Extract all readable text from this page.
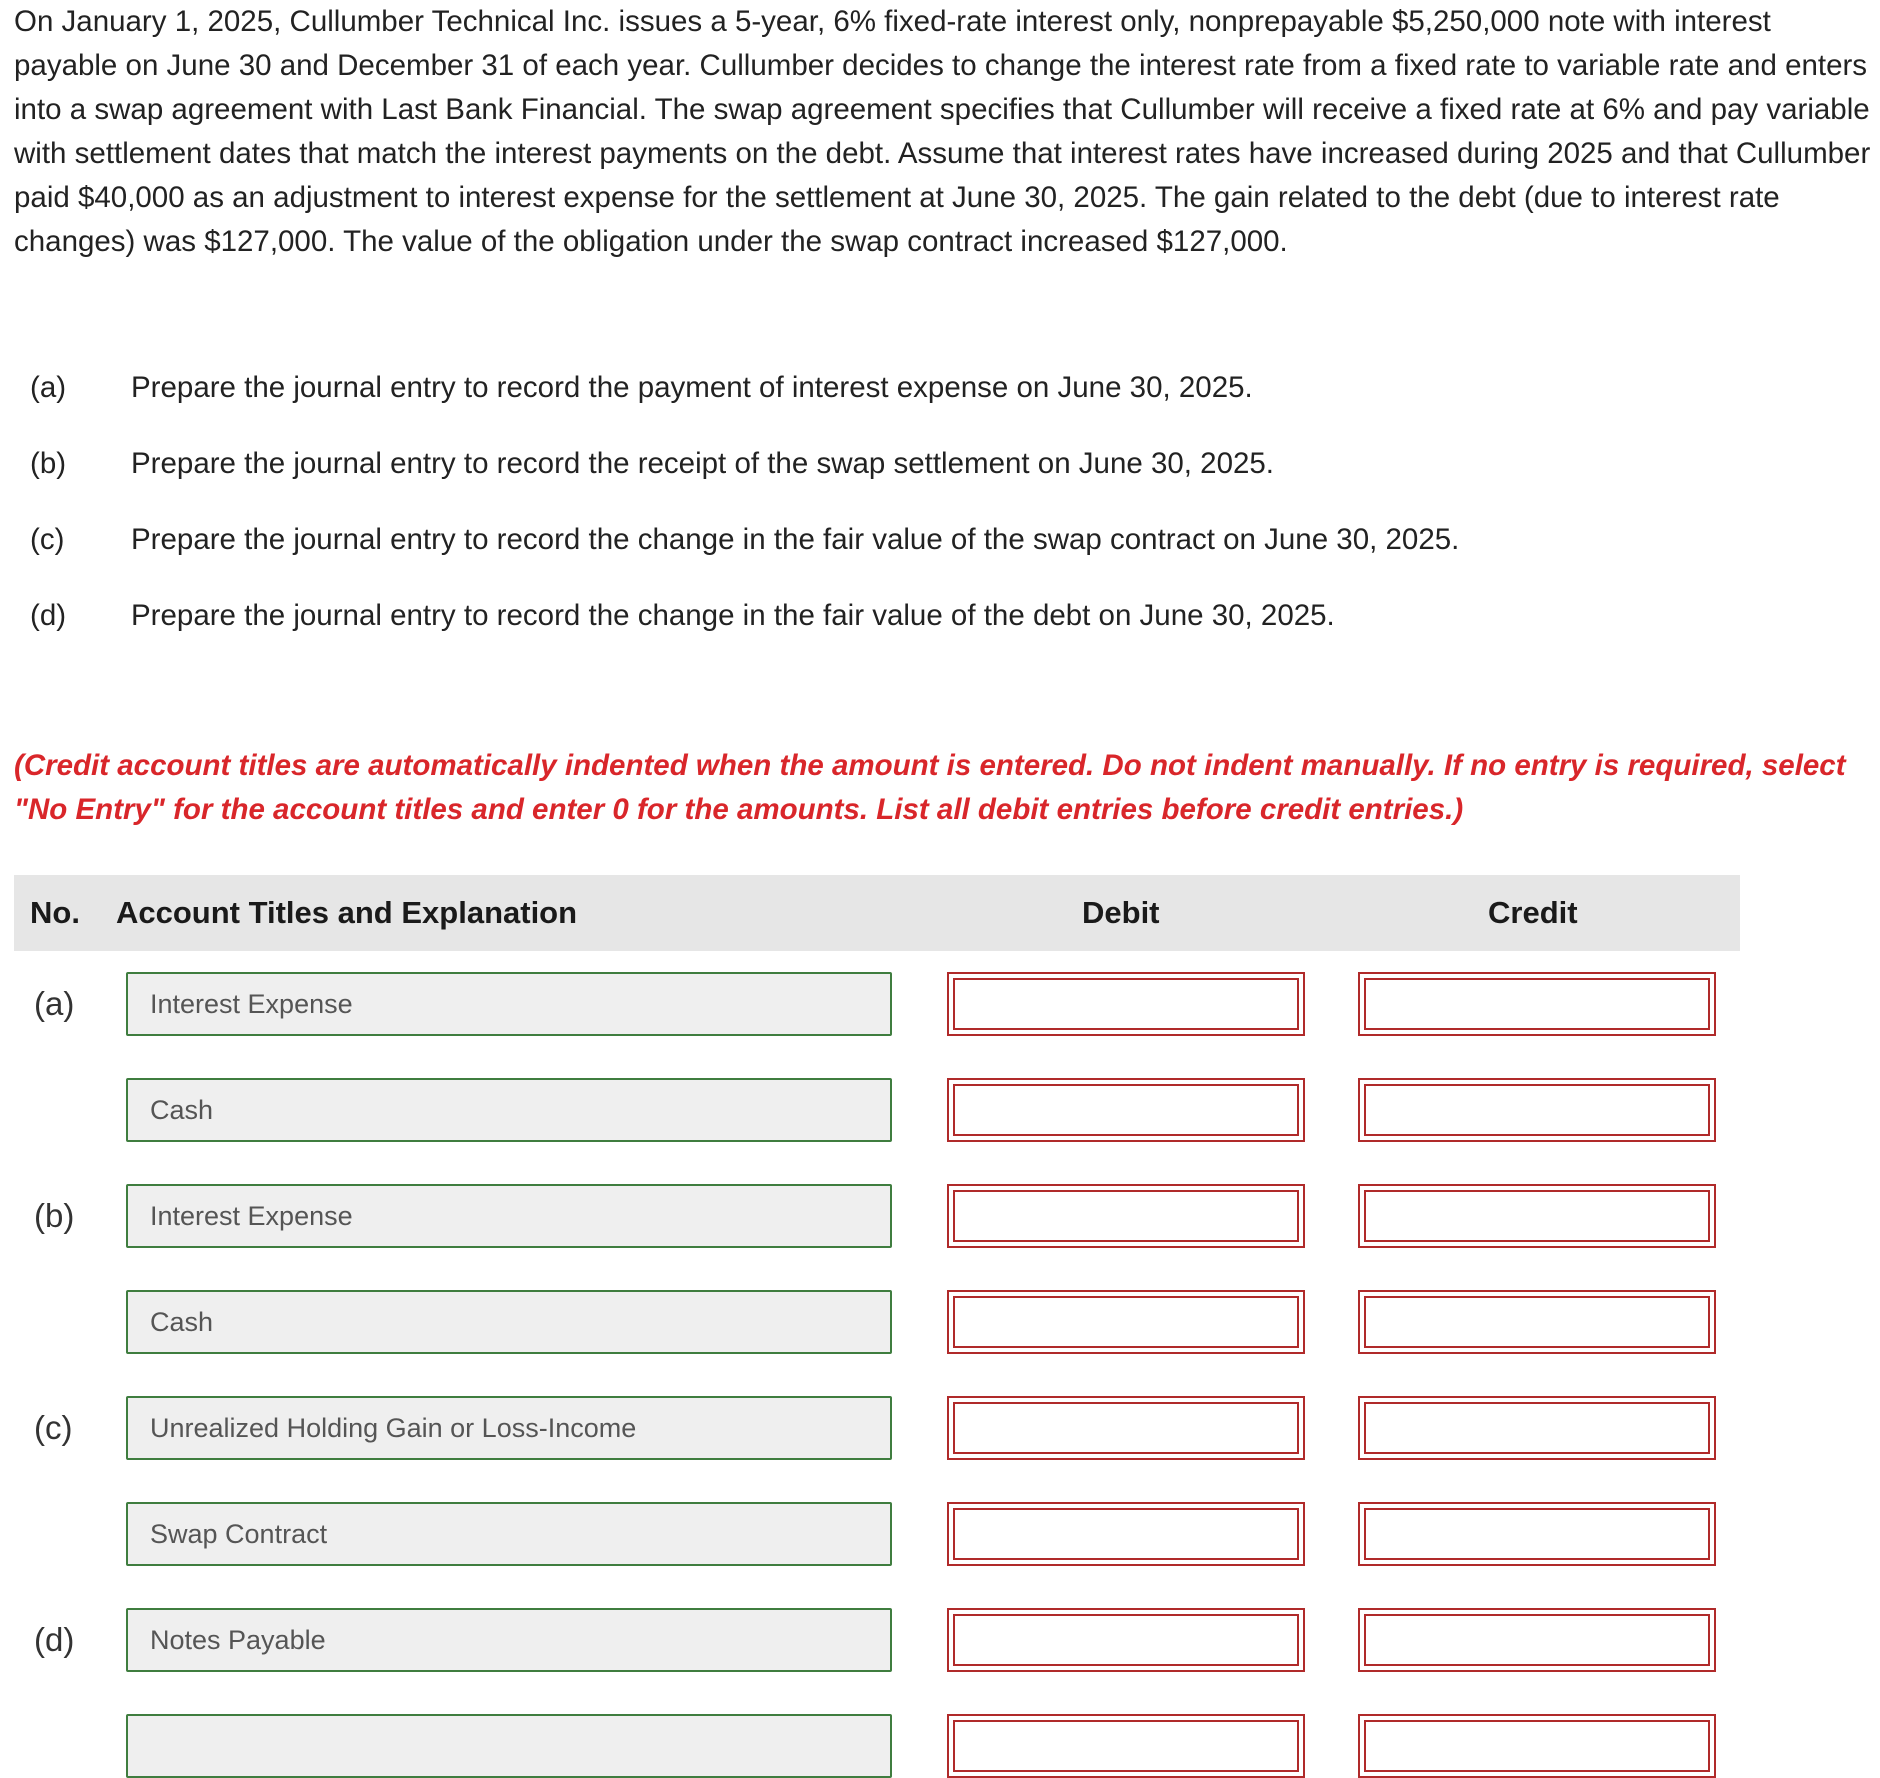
On January 1, 2025, Cullumber Technical Inc. issues a 5-year, 6% fixed-rate interest only, nonprepayable $5,250,000 note with interest payable on June 30 and December 31 of each year. Cullumber decides to change the interest rate from a fixed rate to variable rate and enters into a swap agreement with Last Bank Financial. The swap agreement specifies that Cullumber will receive a fixed rate at 6% and pay variable with settlement dates that match the interest payments on the debt. Assume that interest rates have increased during 2025 and that Cullumber paid $40,000 as an adjustment to interest expense for the settlement at June 30, 2025. The gain related to the debt (due to interest rate changes) was $127,000. The value of the obligation under the swap contract increased $127,000.

(a)	Prepare the journal entry to record the payment of interest expense on June 30, 2025.
(b)	Prepare the journal entry to record the receipt of the swap settlement on June 30, 2025.
(c)	Prepare the journal entry to record the change in the fair value of the swap contract on June 30, 2025.
(d)	Prepare the journal entry to record the change in the fair value of the debt on June 30, 2025.

(Credit account titles are automatically indented when the amount is entered. Do not indent manually. If no entry is required, select "No Entry" for the account titles and enter 0 for the amounts. List all debit entries before credit entries.)

No. Account Titles and Explanation	Debit	Credit
(a)	Interest Expense
Cash
(b)	Interest Expense
Cash
(c)	Unrealized Holding Gain or Loss-Income
Swap Contract
(d)	Notes Payable
